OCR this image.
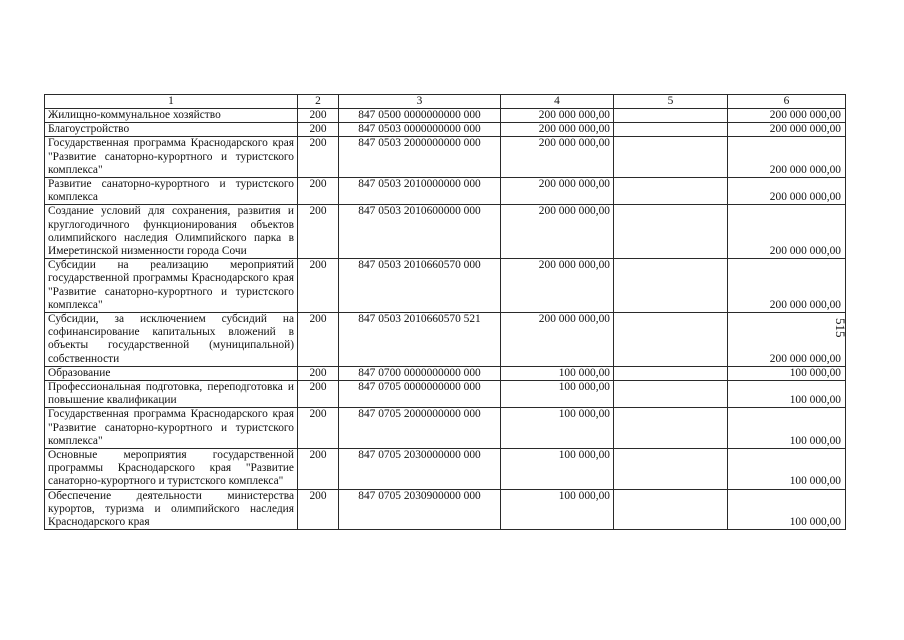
1	2	3	4	5	6
Жилищно-коммунальное хозяйство	200	847 0500 0000000000 000	200 000 000,00		200 000 000,00
Благоустройство	200	847 0503 0000000000 000	200 000 000,00		200 000 000,00
Государственная программа Краснодарского края "Развитие санаторно-курортного и туристского комплекса"	200	847 0503 2000000000 000	200 000 000,00		200 000 000,00
Развитие санаторно-курортного и туристского комплекса	200	847 0503 2010000000 000	200 000 000,00		200 000 000,00
Создание условий для сохранения, развития и круглогодичного функционирования объектов олимпийского наследия Олимпийского парка в Имеретинской низменности города Сочи	200	847 0503 2010600000 000	200 000 000,00		200 000 000,00
Субсидии на реализацию мероприятий государственной программы Краснодарского края "Развитие санаторно-курортного и туристского комплекса"	200	847 0503 2010660570 000	200 000 000,00		200 000 000,00
Субсидии, за исключением субсидий на софинансирование капитальных вложений в объекты государственной (муниципальной) собственности	200	847 0503 2010660570 521	200 000 000,00		200 000 000,00
Образование	200	847 0700 0000000000 000	100 000,00		100 000,00
Профессиональная подготовка, переподготовка и повышение квалификации	200	847 0705 0000000000 000	100 000,00		100 000,00
Государственная программа Краснодарского края "Развитие санаторно-курортного и туристского комплекса"	200	847 0705 2000000000 000	100 000,00		100 000,00
Основные мероприятия государственной программы Краснодарского края "Развитие санаторно-курортного и туристского комплекса"	200	847 0705 2030000000 000	100 000,00		100 000,00
Обеспечение деятельности министерства курортов, туризма и олимпийского наследия Краснодарского края	200	847 0705 2030900000 000	100 000,00		100 000,00
515
